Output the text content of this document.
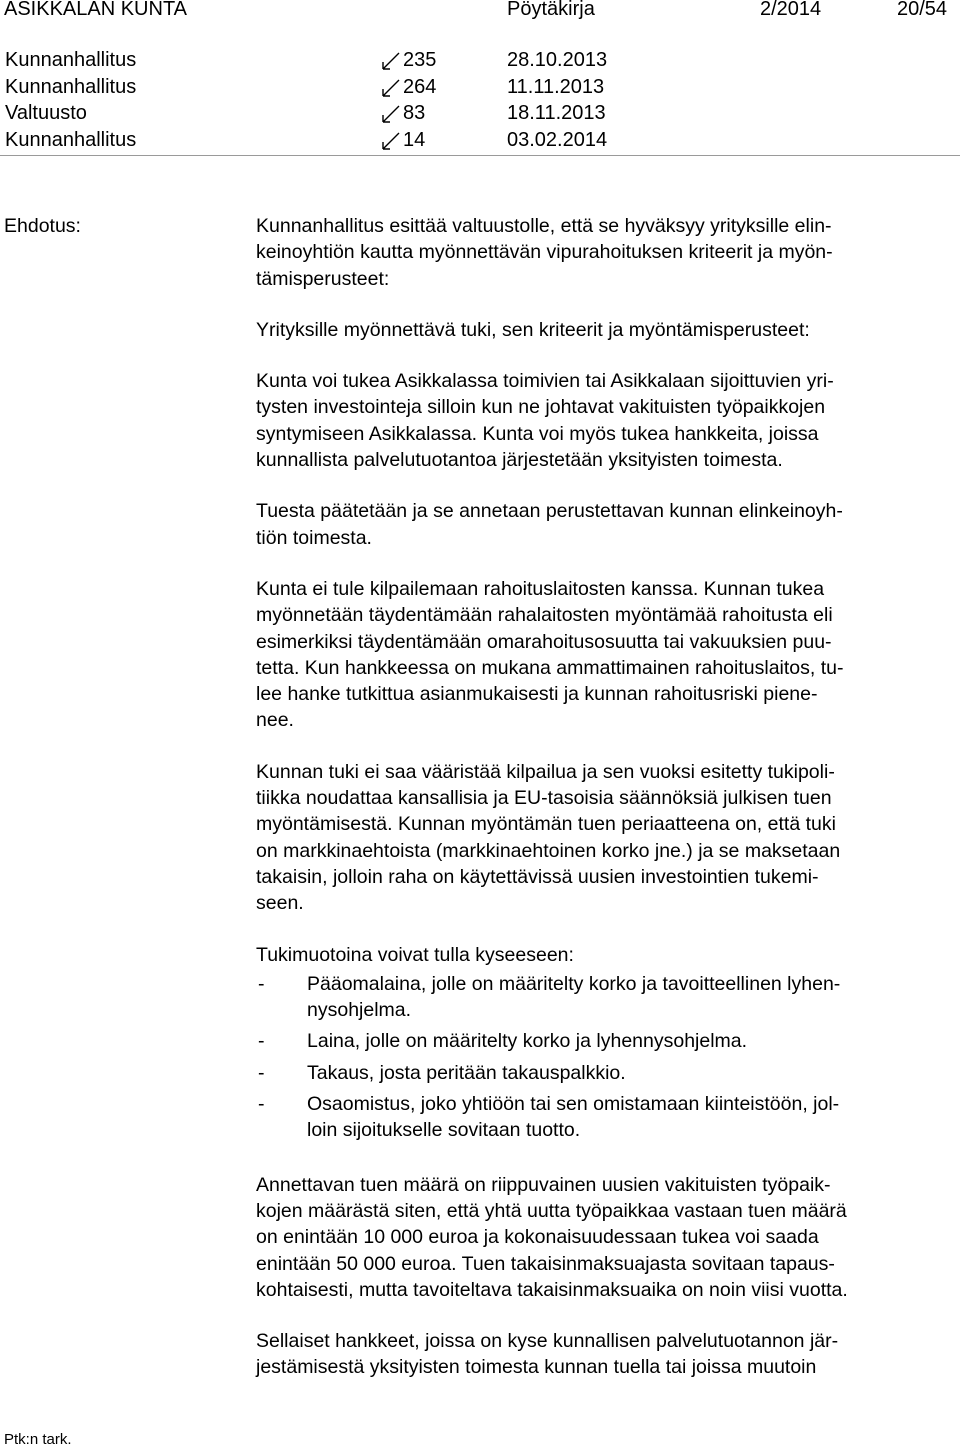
ASIKKALAN KUNTA	Pöytäkirja	2/2014	20/54
Kunnanhallitus	235	28.10.2013
Kunnanhallitus	264	11.11.2013
Valtuusto	83	18.11.2013
Kunnanhallitus	14	03.02.2014
Ehdotus:	Kunnanhallitus esittää valtuustolle, että se hyväksyy yrityksille elin-
keinoyhtiön kautta myönnettävän vipurahoituksen kriteerit ja myön-
tämisperusteet:

Yrityksille myönnettävä tuki, sen kriteerit ja myöntämisperusteet:

Kunta voi tukea Asikkalassa toimivien tai Asikkalaan sijoittuvien yri-
tysten investointeja silloin kun ne johtavat vakituisten työpaikkojen
syntymiseen Asikkalassa. Kunta voi myös tukea hankkeita, joissa
kunnallista palvelutuotantoa järjestetään yksityisten toimesta.

Tuesta päätetään ja se annetaan perustettavan kunnan elinkeinoyh-
tiön toimesta.

Kunta ei tule kilpailemaan rahoituslaitosten kanssa. Kunnan tukea
myönnetään täydentämään rahalaitosten myöntämää rahoitusta eli
esimerkiksi täydentämään omarahoitusosuutta tai vakuuksien puu-
tetta. Kun hankkeessa on mukana ammattimainen rahoituslaitos, tu-
lee hanke tutkittua asianmukaisesti ja kunnan rahoitusriski piene-
nee.

Kunnan tuki ei saa vääristää kilpailua ja sen vuoksi esitetty tukipoli-
tiikka noudattaa kansallisia ja EU-tasoisia säännöksiä julkisen tuen
myöntämisestä. Kunnan myöntämän tuen periaatteena on, että tuki
on markkinaehtoista (markkinaehtoinen korko jne.) ja se maksetaan
takaisin, jolloin raha on käytettävissä uusien investointien tukemi-
seen.

Tukimuotoina voivat tulla kyseeseen:
- Pääomalaina, jolle on määritelty korko ja tavoitteellinen lyhen-
nysohjelma.
- Laina, jolle on määritelty korko ja lyhennysohjelma.
- Takaus, josta peritään takauspalkkio.
- Osaomistus, joko yhtiöön tai sen omistamaan kiinteistöön, jol-
loin sijoitukselle sovitaan tuotto.

Annettavan tuen määrä on riippuvainen uusien vakituisten työpaik-
kojen määrästä siten, että yhtä uutta työpaikkaa vastaan tuen määrä
on enintään 10 000 euroa ja kokonaisuudessaan tukea voi saada
enintään 50 000 euroa. Tuen takaisinmaksuajasta sovitaan tapaus-
kohtaisesti, mutta tavoiteltava takaisinmaksuaika on noin viisi vuotta.

Sellaiset hankkeet, joissa on kyse kunnallisen palvelutuotannon jär-
jestämisestä yksityisten toimesta kunnan tuella tai joissa muutoin

Ptk:n tark.
